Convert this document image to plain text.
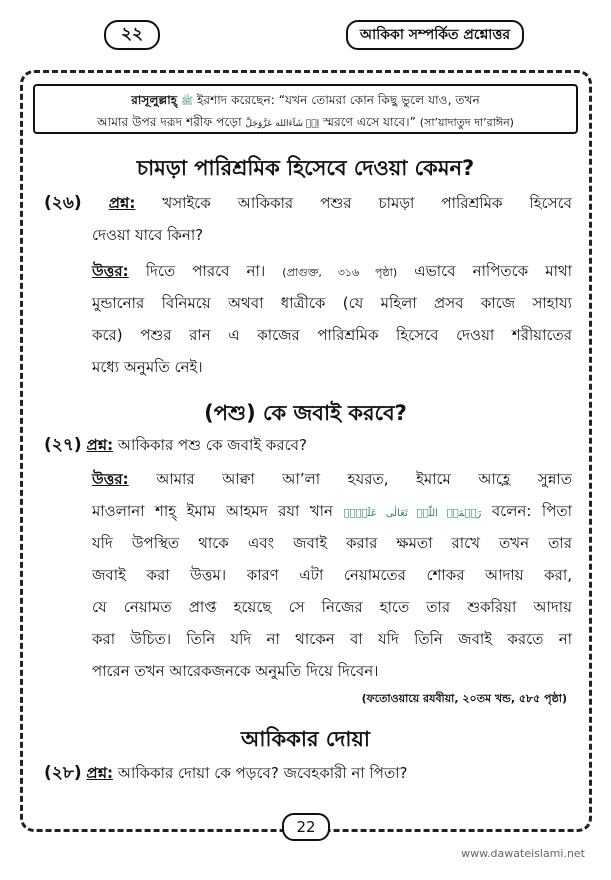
২২	আকিকা সম্পর্কিত প্রশ্নোত্তর
রাসূলুল্লাহ্ ﷺ ইরশাদ করেছেন: “যখন তোমরা কোন কিছু ভুলে যাও, তখন
আমার উপর দরূদ শরীফ পড়ো اِنۡ شَآءَالله عَزَّوَجَلَّ স্মরণে এসে যাবে।” (সা’য়াদাতুদ দা’রাঈন)
চামড়া পারিশ্রমিক হিসেবে দেওয়া কেমন?
(২৬) প্রশ্ন: খসাইকে আকিকার পশুর চামড়া পারিশ্রমিক হিসেবে
দেওয়া যাবে কিনা?
উত্তর: দিতে পারবে না। (প্রাগুক্ত, ৩১৬ পৃষ্ঠা) এভাবে নাপিতকে মাথা
মুন্ডানোর বিনিময়ে অথবা ধাত্রীকে (যে মহিলা প্রসব কাজে সাহায্য
করে) পশুর রান এ কাজের পারিশ্রমিক হিসেবে দেওয়া শরীয়াতের
মধ্যে অনুমতি নেই।
(পশু) কে জবাই করবে?
(২৭) প্রশ্ন: আকিকার পশু কে জবাই করবে?
উত্তর: আমার আক্বা আ’লা হযরত, ইমামে আহ্লে সুন্নাত
মাওলানা শাহ্ ইমাম আহমদ রযা খান رَحۡمَۃُ اللّٰہِ تَعَالٰی عَلَیۡہِ বলেন: পিতা
যদি উপস্থিত থাকে এবং জবাই করার ক্ষমতা রাখে তখন তার
জবাই করা উত্তম। কারণ এটা নেয়ামতের শোকর আদায় করা,
যে নেয়ামত প্রাপ্ত হয়েছে সে নিজের হাতে তার শুকরিয়া আদায়
করা উচিত। তিনি যদি না থাকেন বা যদি তিনি জবাই করতে না
পারেন তখন আরেকজনকে অনুমতি দিয়ে দিবেন।
(ফতোওয়ায়ে রযবীয়া, ২০তম খন্ড, ৫৮৫ পৃষ্ঠা)
আকিকার দোয়া
(২৮) প্রশ্ন: আকিকার দোয়া কে পড়বে? জবেহকারী না পিতা?
22
www.dawateislami.net
